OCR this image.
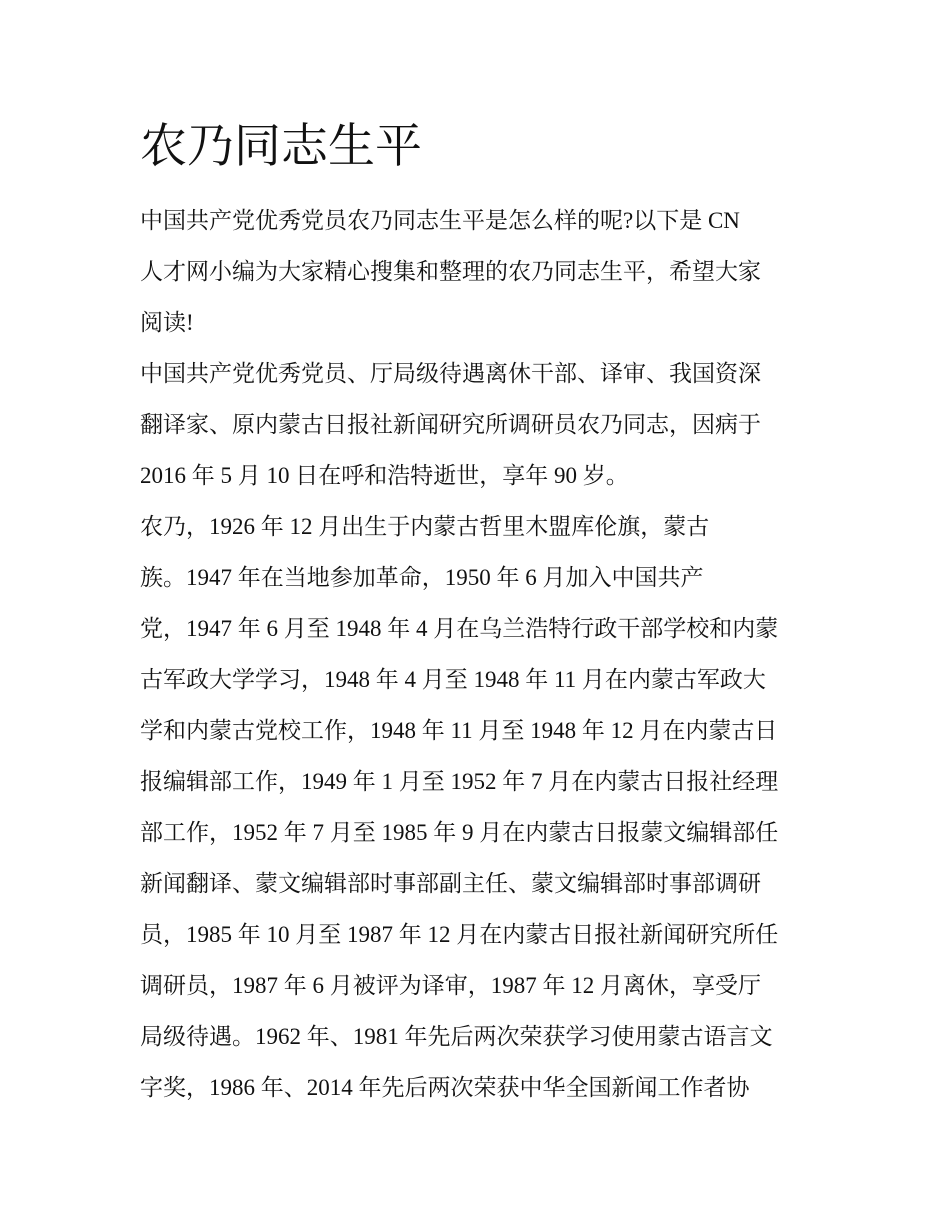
农乃同志生平

中国共产党优秀党员农乃同志生平是怎么样的呢?以下是 CN

人才网小编为大家精心搜集和整理的农乃同志生平，希望大家

阅读!

中国共产党优秀党员、厅局级待遇离休干部、译审、我国资深

翻译家、原内蒙古日报社新闻研究所调研员农乃同志，因病于

2016 年 5 月 10 日在呼和浩特逝世，享年 90 岁。

农乃，1926 年 12 月出生于内蒙古哲里木盟库伦旗，蒙古

族。1947 年在当地参加革命，1950 年 6 月加入中国共产

党，1947 年 6 月至 1948 年 4 月在乌兰浩特行政干部学校和内蒙

古军政大学学习，1948 年 4 月至 1948 年 11 月在内蒙古军政大

学和内蒙古党校工作，1948 年 11 月至 1948 年 12 月在内蒙古日

报编辑部工作，1949 年 1 月至 1952 年 7 月在内蒙古日报社经理

部工作，1952 年 7 月至 1985 年 9 月在内蒙古日报蒙文编辑部任

新闻翻译、蒙文编辑部时事部副主任、蒙文编辑部时事部调研

员，1985 年 10 月至 1987 年 12 月在内蒙古日报社新闻研究所任

调研员，1987 年 6 月被评为译审，1987 年 12 月离休，享受厅

局级待遇。1962 年、1981 年先后两次荣获学习使用蒙古语言文

字奖，1986 年、2014 年先后两次荣获中华全国新闻工作者协
